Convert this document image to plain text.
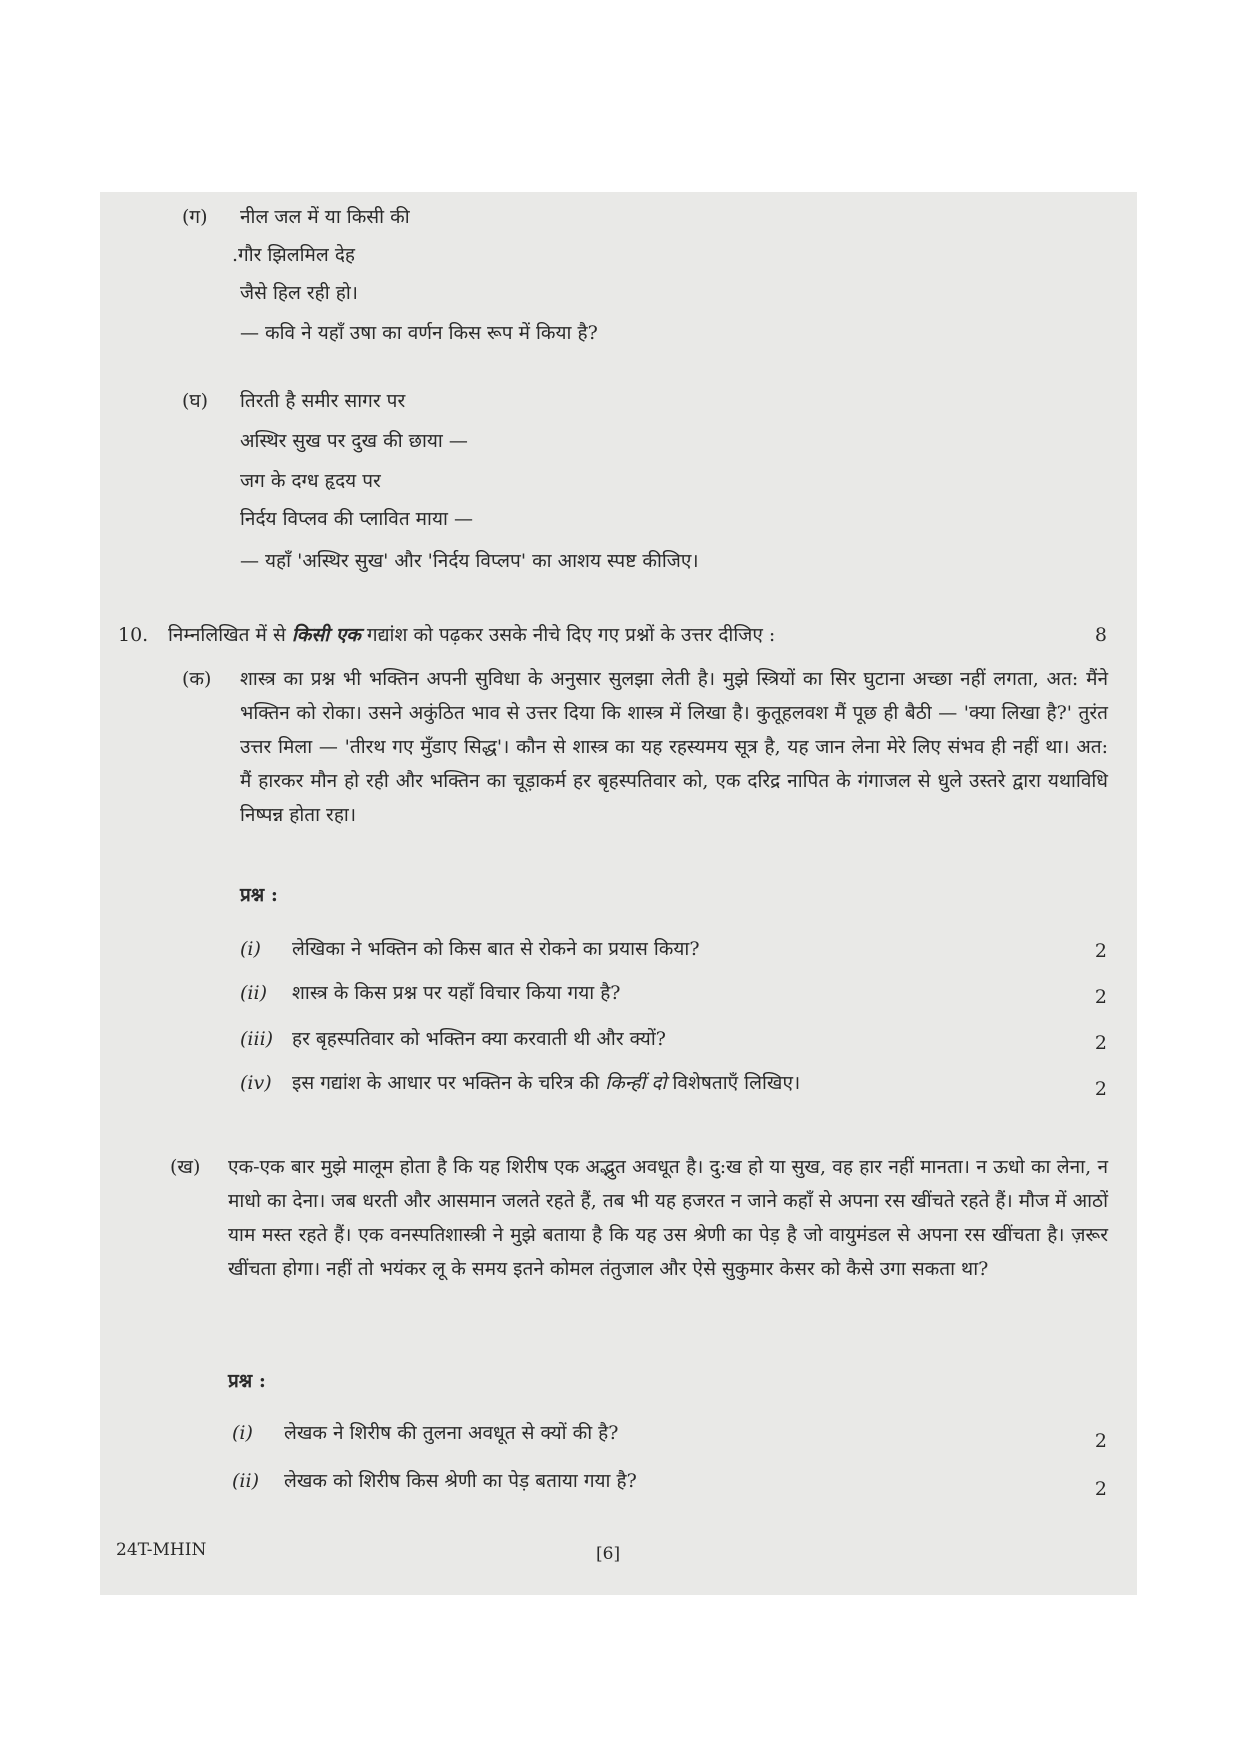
(ग) नील जल में या किसी की
.गौर झिलमिल देह
जैसे हिल रही हो।
— कवि ने यहाँ उषा का वर्णन किस रूप में किया है?
(घ) तिरती है समीर सागर पर
अस्थिर सुख पर दुख की छाया —
जग के दग्ध हृदय पर
निर्दय विप्लव की प्लावित माया —
— यहाँ 'अस्थिर सुख' और 'निर्दय विप्लप' का आशय स्पष्ट कीजिए।
10. निम्नलिखित में से किसी एक गद्यांश को पढ़कर उसके नीचे दिए गए प्रश्नों के उत्तर दीजिए :	8
(क) शास्त्र का प्रश्न भी भक्तिन अपनी सुविधा के अनुसार सुलझा लेती है। मुझे स्त्रियों का सिर घुटाना अच्छा नहीं लगता, अत: मैंने भक्तिन को रोका। उसने अकुंठित भाव से उत्तर दिया कि शास्त्र में लिखा है। कुतूहलवश मैं पूछ ही बैठी — 'क्या लिखा है?' तुरंत उत्तर मिला — 'तीरथ गए मुँडाए सिद्ध'। कौन से शास्त्र का यह रहस्यमय सूत्र है, यह जान लेना मेरे लिए संभव ही नहीं था। अत: मैं हारकर मौन हो रही और भक्तिन का चूड़ाकर्म हर बृहस्पतिवार को, एक दरिद्र नापित के गंगाजल से धुले उस्तरे द्वारा यथाविधि निष्पन्न होता रहा।
प्रश्न :
(i) लेखिका ने भक्तिन को किस बात से रोकने का प्रयास किया?	2
(ii) शास्त्र के किस प्रश्न पर यहाँ विचार किया गया है?	2
(iii) हर बृहस्पतिवार को भक्तिन क्या करवाती थी और क्यों?	2
(iv) इस गद्यांश के आधार पर भक्तिन के चरित्र की किन्हीं दो विशेषताएँ लिखिए।	2
(ख) एक-एक बार मुझे मालूम होता है कि यह शिरीष एक अद्भुत अवधूत है। दु:ख हो या सुख, वह हार नहीं मानता। न ऊधो का लेना, न माधो का देना। जब धरती और आसमान जलते रहते हैं, तब भी यह हजरत न जाने कहाँ से अपना रस खींचते रहते हैं। मौज में आठों याम मस्त रहते हैं। एक वनस्पतिशास्त्री ने मुझे बताया है कि यह उस श्रेणी का पेड़ है जो वायुमंडल से अपना रस खींचता है। ज़रूर खींचता होगा। नहीं तो भयंकर लू के समय इतने कोमल तंतुजाल और ऐसे सुकुमार केसर को कैसे उगा सकता था?
प्रश्न :
(i) लेखक ने शिरीष की तुलना अवधूत से क्यों की है?	2
(ii) लेखक को शिरीष किस श्रेणी का पेड़ बताया गया है?	2
24T-MHIN	[6]
